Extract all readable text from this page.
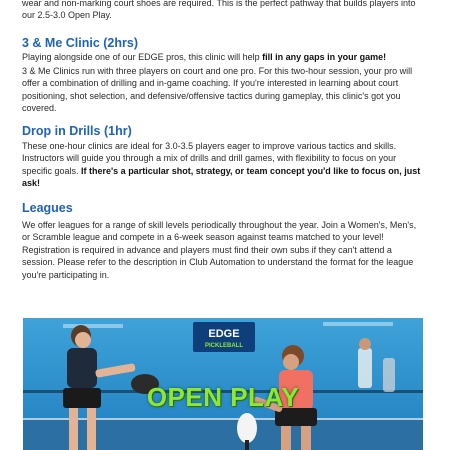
wear and non-marking court shoes are required. This is the perfect pathway that builds players into our 2.5-3.0 Open Play.

3 & Me Clinic (2hrs)

Playing alongside one of our EDGE pros, this clinic will help fill in any gaps in your game!

3 & Me Clinics run with three players on court and one pro. For this two-hour session, your pro will offer a combination of drilling and in-game coaching. If you're interested in learning about court positioning, shot selection, and defensive/offensive tactics during gameplay, this clinic's got you covered.

Drop in Drills (1hr)

These one-hour clinics are ideal for 3.0-3.5 players eager to improve various tactics and skills. Instructors will guide you through a mix of drills and drill games, with flexibility to focus on your specific goals. If there's a particular shot, strategy, or team concept you'd like to focus on, just ask!

Leagues

We offer leagues for a range of skill levels periodically throughout the year. Join a Women's, Men's, or Scramble league and compete in a 6-week season against teams matched to your level! Registration is required in advance and players must find their own subs if they can't attend a session. Please refer to the description in Club Automation to understand the format for the league you're participating in.

EDGE
PICKLEBALL
OPEN PLAY
